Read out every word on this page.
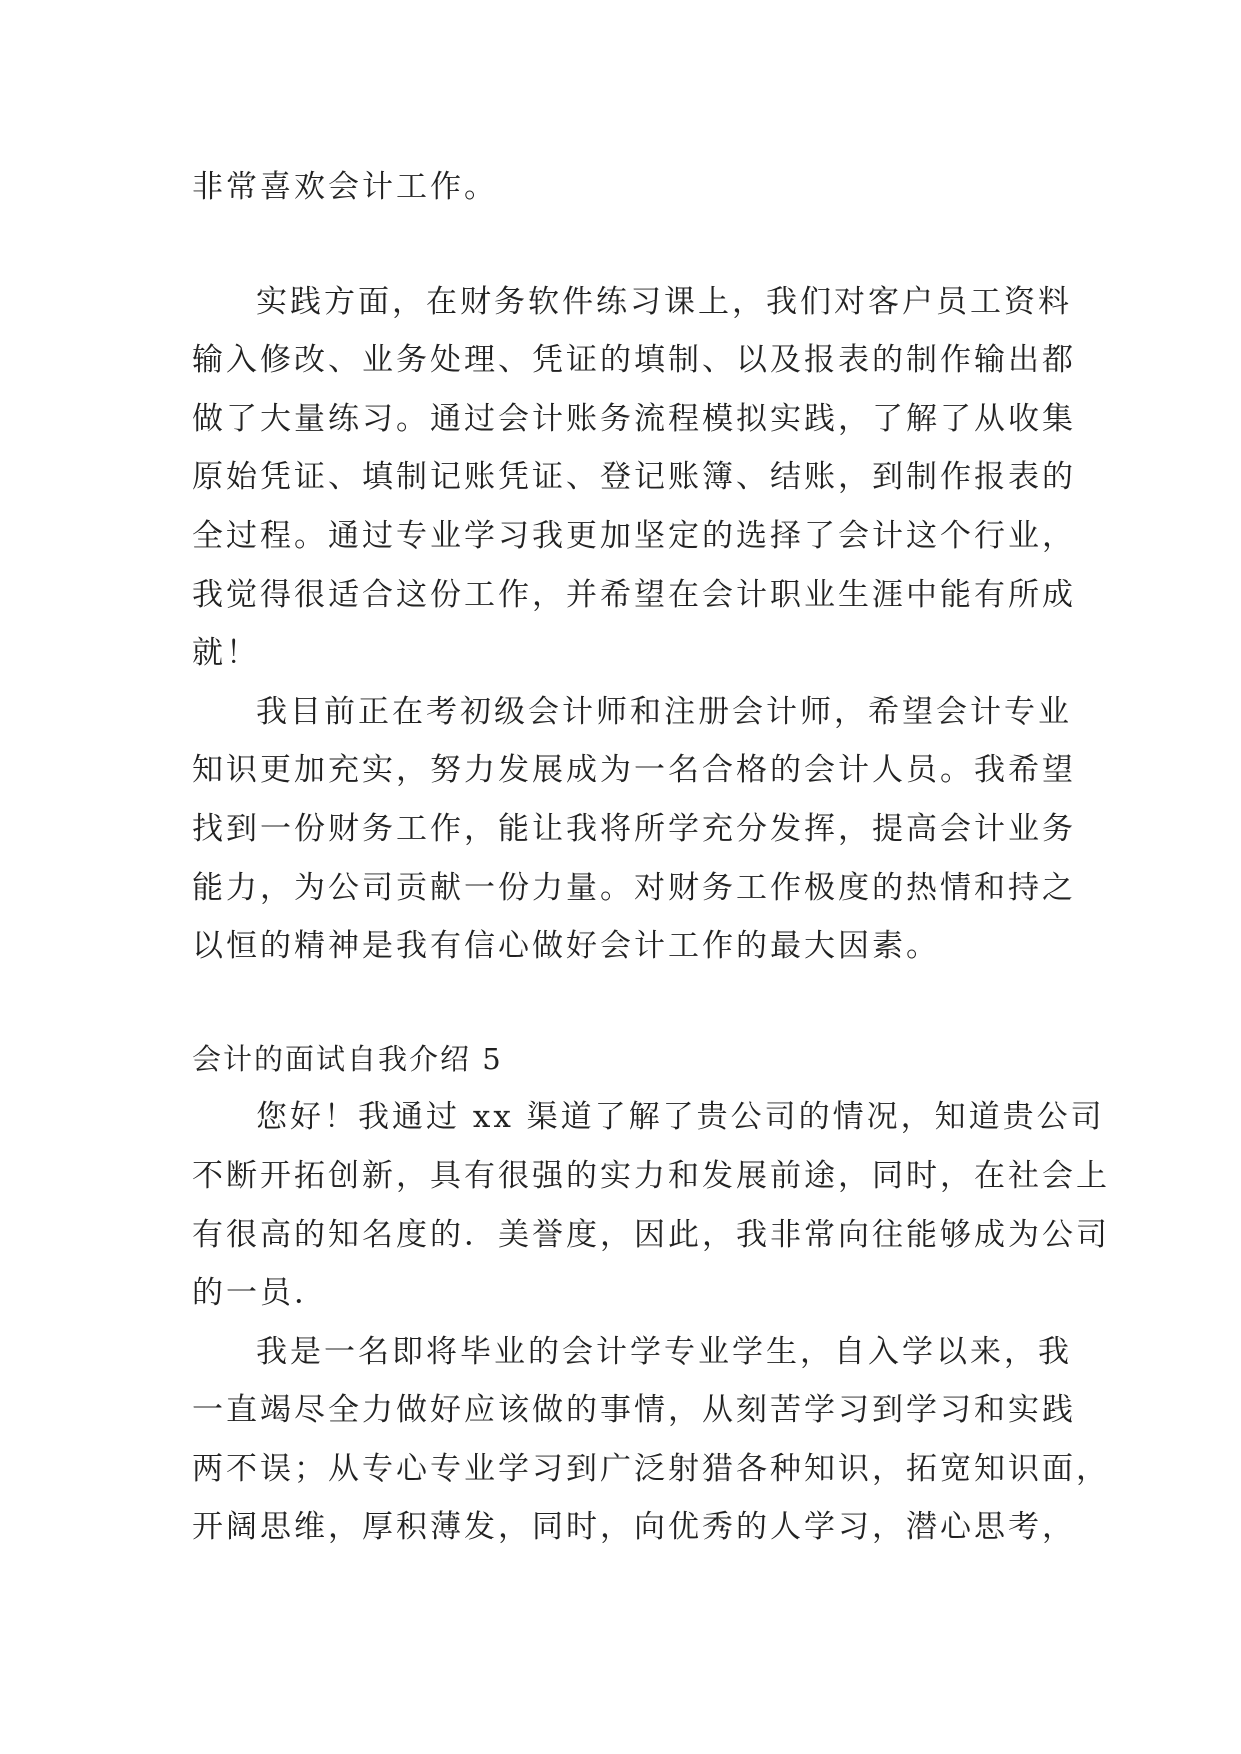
非常喜欢会计工作。
实践方面，在财务软件练习课上，我们对客户员工资料
输入修改、业务处理、凭证的填制、以及报表的制作输出都
做了大量练习。通过会计账务流程模拟实践，了解了从收集
原始凭证、填制记账凭证、登记账簿、结账，到制作报表的
全过程。通过专业学习我更加坚定的选择了会计这个行业，
我觉得很适合这份工作，并希望在会计职业生涯中能有所成
就！
我目前正在考初级会计师和注册会计师，希望会计专业
知识更加充实，努力发展成为一名合格的会计人员。我希望
找到一份财务工作，能让我将所学充分发挥，提高会计业务
能力，为公司贡献一份力量。对财务工作极度的热情和持之
以恒的精神是我有信心做好会计工作的最大因素。
会计的面试自我介绍 5
您好！我通过 xx 渠道了解了贵公司的情况，知道贵公司
不断开拓创新，具有很强的实力和发展前途，同时，在社会上
有很高的知名度的．美誉度，因此，我非常向往能够成为公司
的一员．
我是一名即将毕业的会计学专业学生，自入学以来，我
一直竭尽全力做好应该做的事情，从刻苦学习到学习和实践
两不误；从专心专业学习到广泛射猎各种知识，拓宽知识面，
开阔思维，厚积薄发，同时，向优秀的人学习，潜心思考，
